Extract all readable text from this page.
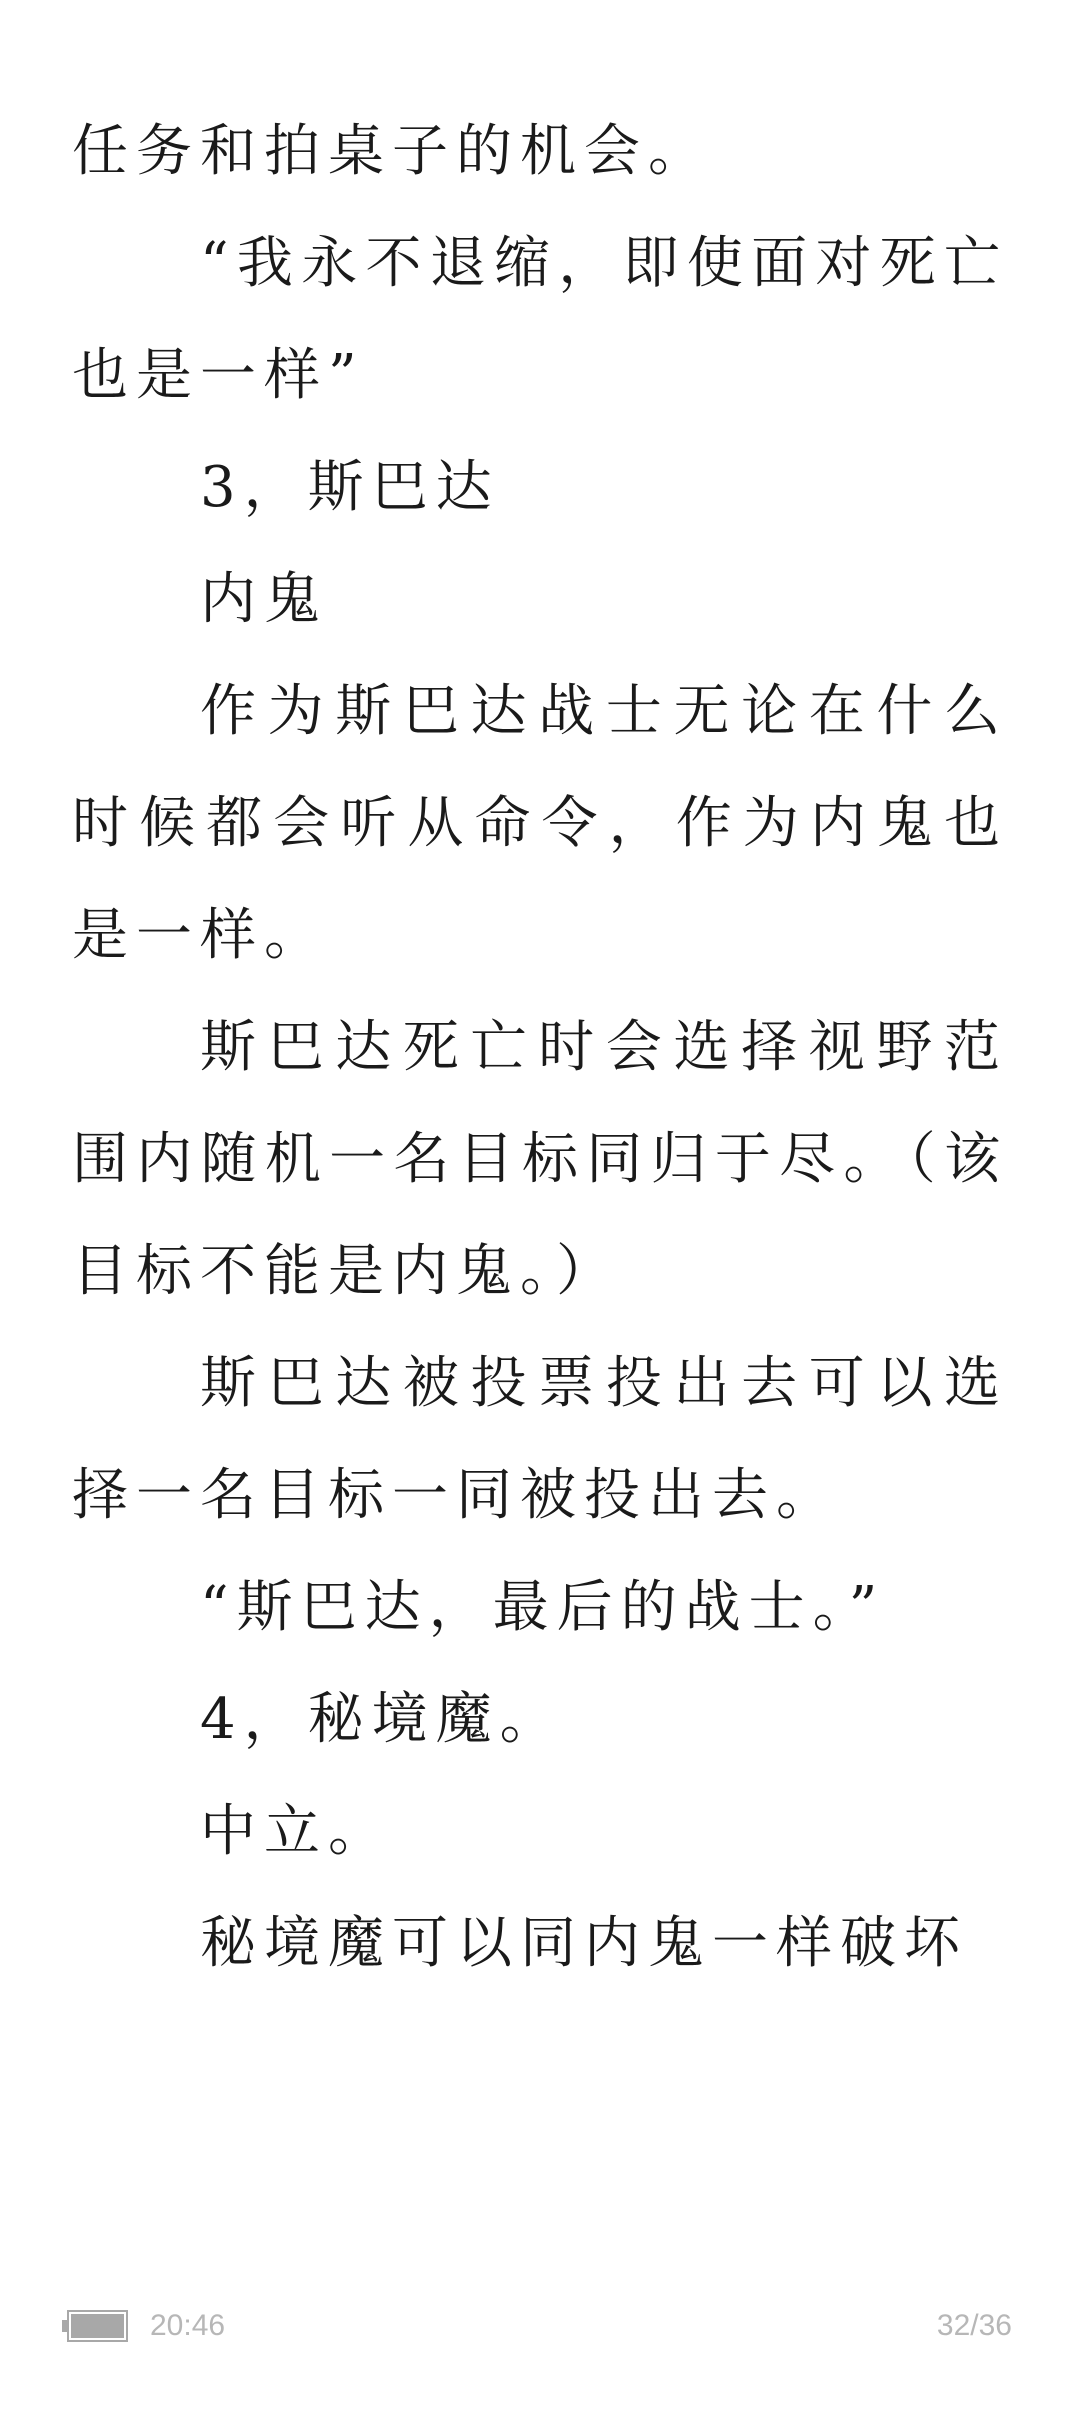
任务和拍桌子的机会。

“我永不退缩，即使面对死亡也是一样”

3，斯巴达

内鬼

作为斯巴达战士无论在什么时候都会听从命令，作为内鬼也是一样。

斯巴达死亡时会选择视野范围内随机一名目标同归于尽。（该目标不能是内鬼。）

斯巴达被投票投出去可以选择一名目标一同被投出去。

“斯巴达，最后的战士。”

4，秘境魔。

中立。

秘境魔可以同内鬼一样破坏

20:46	32/36
